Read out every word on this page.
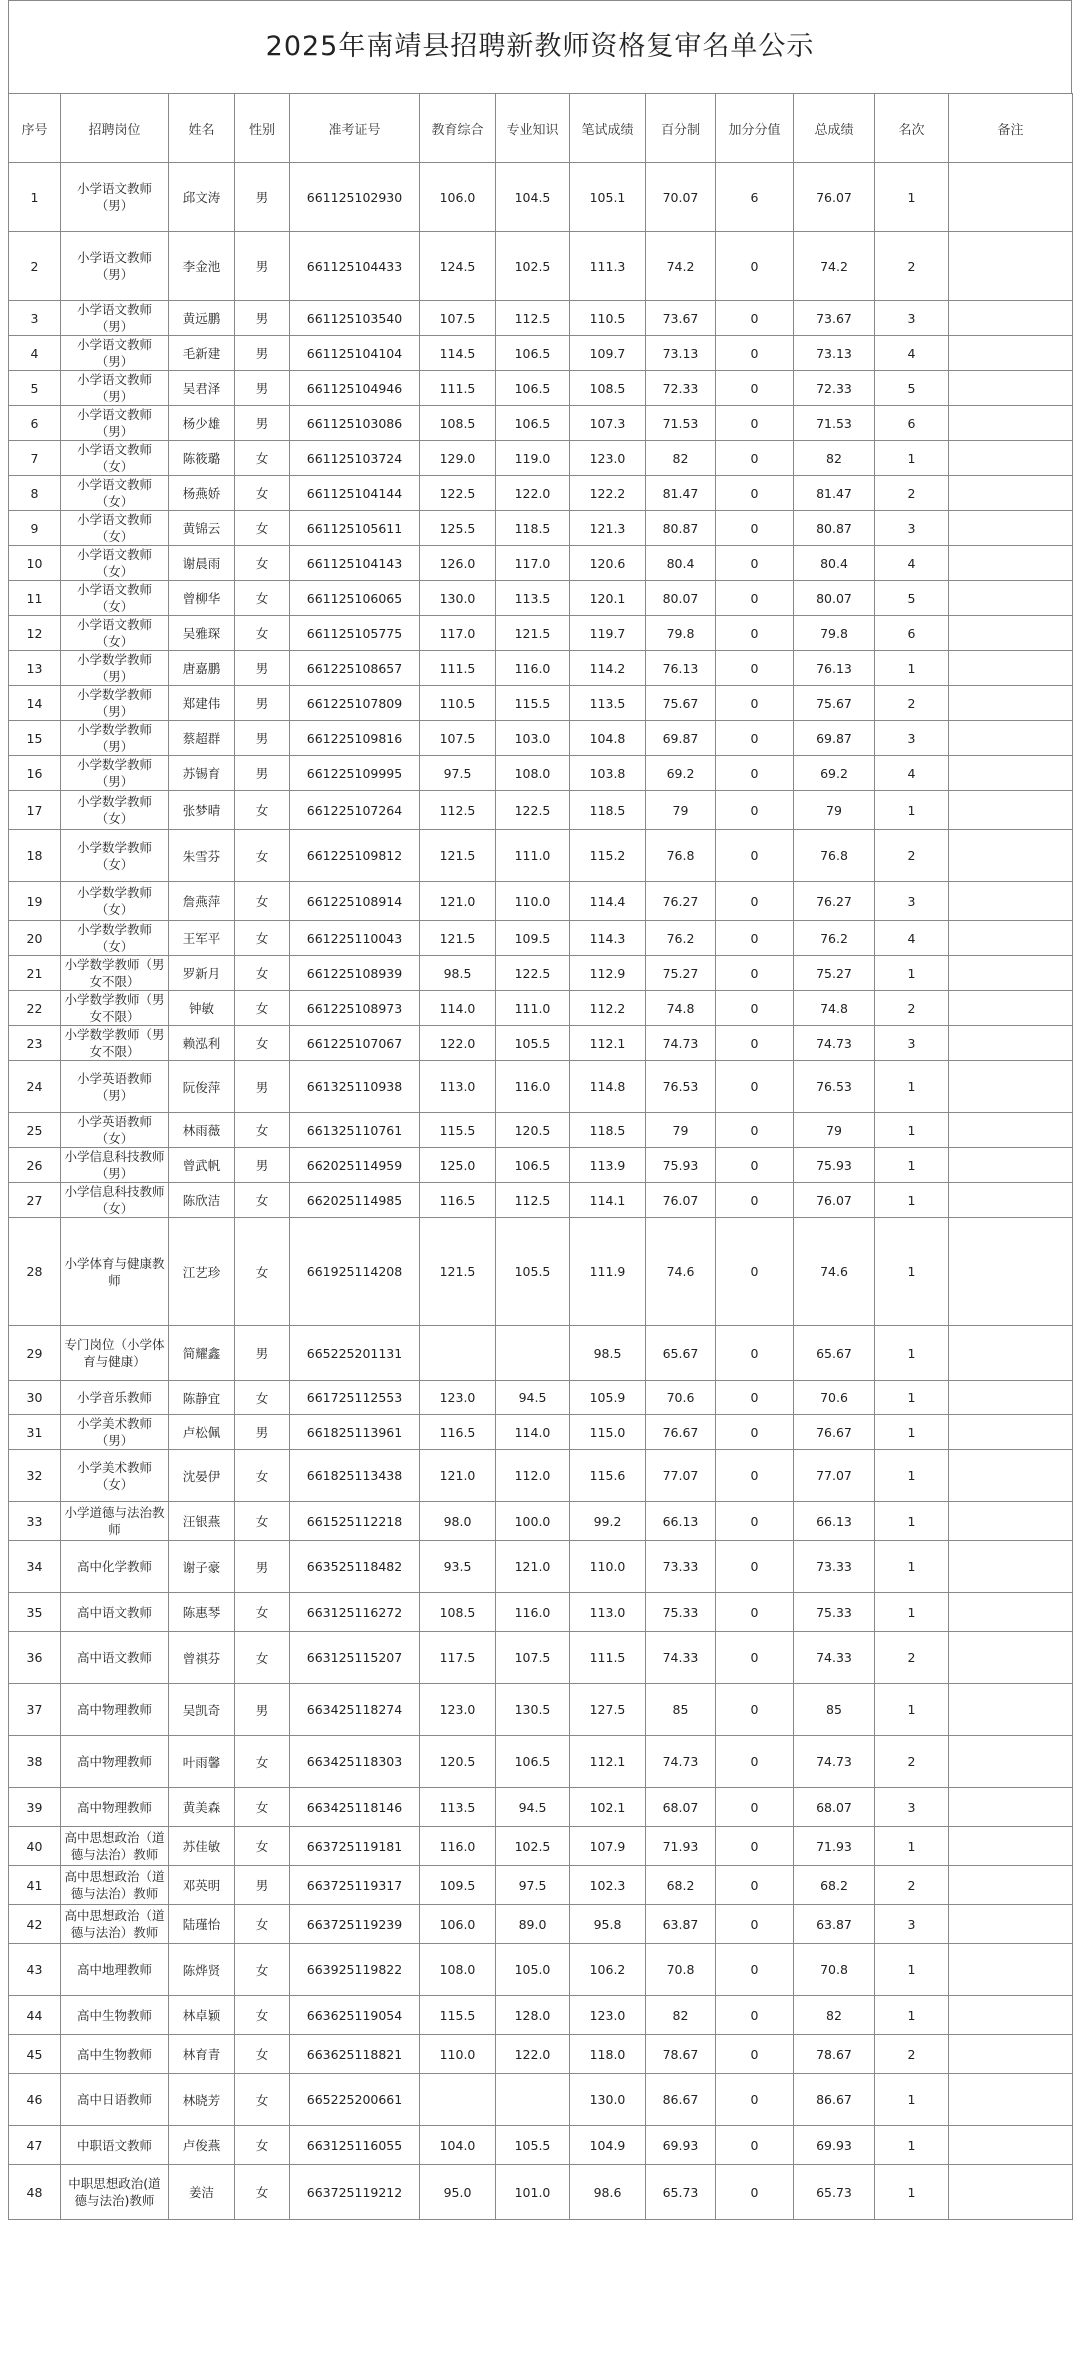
2025年南靖县招聘新教师资格复审名单公示
序号	招聘岗位	姓名	性别	准考证号	教育综合	专业知识	笔试成绩	百分制	加分分值	总成绩	名次	备注
1	小学语文教师（男）	邱文涛	男	661125102930	106.0	104.5	105.1	70.07	6	76.07	1	
2	小学语文教师（男）	李金池	男	661125104433	124.5	102.5	111.3	74.2	0	74.2	2	
3	小学语文教师（男）	黄远鹏	男	661125103540	107.5	112.5	110.5	73.67	0	73.67	3	
4	小学语文教师（男）	毛新建	男	661125104104	114.5	106.5	109.7	73.13	0	73.13	4	
5	小学语文教师（男）	吴君泽	男	661125104946	111.5	106.5	108.5	72.33	0	72.33	5	
6	小学语文教师（男）	杨少雄	男	661125103086	108.5	106.5	107.3	71.53	0	71.53	6	
7	小学语文教师（女）	陈筱璐	女	661125103724	129.0	119.0	123.0	82	0	82	1	
8	小学语文教师（女）	杨燕娇	女	661125104144	122.5	122.0	122.2	81.47	0	81.47	2	
9	小学语文教师（女）	黄锦云	女	661125105611	125.5	118.5	121.3	80.87	0	80.87	3	
10	小学语文教师（女）	谢晨雨	女	661125104143	126.0	117.0	120.6	80.4	0	80.4	4	
11	小学语文教师（女）	曾柳华	女	661125106065	130.0	113.5	120.1	80.07	0	80.07	5	
12	小学语文教师（女）	吴雅琛	女	661125105775	117.0	121.5	119.7	79.8	0	79.8	6	
13	小学数学教师（男）	唐嘉鹏	男	661225108657	111.5	116.0	114.2	76.13	0	76.13	1	
14	小学数学教师（男）	郑建伟	男	661225107809	110.5	115.5	113.5	75.67	0	75.67	2	
15	小学数学教师（男）	蔡超群	男	661225109816	107.5	103.0	104.8	69.87	0	69.87	3	
16	小学数学教师（男）	苏锡育	男	661225109995	97.5	108.0	103.8	69.2	0	69.2	4	
17	小学数学教师（女）	张梦晴	女	661225107264	112.5	122.5	118.5	79	0	79	1	
18	小学数学教师（女）	朱雪芬	女	661225109812	121.5	111.0	115.2	76.8	0	76.8	2	
19	小学数学教师（女）	詹燕萍	女	661225108914	121.0	110.0	114.4	76.27	0	76.27	3	
20	小学数学教师（女）	王军平	女	661225110043	121.5	109.5	114.3	76.2	0	76.2	4	
21	小学数学教师（男女不限）	罗新月	女	661225108939	98.5	122.5	112.9	75.27	0	75.27	1	
22	小学数学教师（男女不限）	钟敏	女	661225108973	114.0	111.0	112.2	74.8	0	74.8	2	
23	小学数学教师（男女不限）	赖泓利	女	661225107067	122.0	105.5	112.1	74.73	0	74.73	3	
24	小学英语教师（男）	阮俊萍	男	661325110938	113.0	116.0	114.8	76.53	0	76.53	1	
25	小学英语教师（女）	林雨薇	女	661325110761	115.5	120.5	118.5	79	0	79	1	
26	小学信息科技教师（男）	曾武帆	男	662025114959	125.0	106.5	113.9	75.93	0	75.93	1	
27	小学信息科技教师（女）	陈欣洁	女	662025114985	116.5	112.5	114.1	76.07	0	76.07	1	
28	小学体育与健康教师	江艺珍	女	661925114208	121.5	105.5	111.9	74.6	0	74.6	1	
29	专门岗位（小学体育与健康）	简耀鑫	男	665225201131			98.5	65.67	0	65.67	1	
30	小学音乐教师	陈静宜	女	661725112553	123.0	94.5	105.9	70.6	0	70.6	1	
31	小学美术教师（男）	卢松佩	男	661825113961	116.5	114.0	115.0	76.67	0	76.67	1	
32	小学美术教师（女）	沈晏伊	女	661825113438	121.0	112.0	115.6	77.07	0	77.07	1	
33	小学道德与法治教师	汪银燕	女	661525112218	98.0	100.0	99.2	66.13	0	66.13	1	
34	高中化学教师	谢子豪	男	663525118482	93.5	121.0	110.0	73.33	0	73.33	1	
35	高中语文教师	陈惠琴	女	663125116272	108.5	116.0	113.0	75.33	0	75.33	1	
36	高中语文教师	曾祺芬	女	663125115207	117.5	107.5	111.5	74.33	0	74.33	2	
37	高中物理教师	吴凯奇	男	663425118274	123.0	130.5	127.5	85	0	85	1	
38	高中物理教师	叶雨馨	女	663425118303	120.5	106.5	112.1	74.73	0	74.73	2	
39	高中物理教师	黄美森	女	663425118146	113.5	94.5	102.1	68.07	0	68.07	3	
40	高中思想政治（道德与法治）教师	苏佳敏	女	663725119181	116.0	102.5	107.9	71.93	0	71.93	1	
41	高中思想政治（道德与法治）教师	邓英明	男	663725119317	109.5	97.5	102.3	68.2	0	68.2	2	
42	高中思想政治（道德与法治）教师	陆瑾怡	女	663725119239	106.0	89.0	95.8	63.87	0	63.87	3	
43	高中地理教师	陈烨贤	女	663925119822	108.0	105.0	106.2	70.8	0	70.8	1	
44	高中生物教师	林卓颖	女	663625119054	115.5	128.0	123.0	82	0	82	1	
45	高中生物教师	林育青	女	663625118821	110.0	122.0	118.0	78.67	0	78.67	2	
46	高中日语教师	林晓芳	女	665225200661			130.0	86.67	0	86.67	1	
47	中职语文教师	卢俊燕	女	663125116055	104.0	105.5	104.9	69.93	0	69.93	1	
48	中职思想政治(道德与法治)教师	姜洁	女	663725119212	95.0	101.0	98.6	65.73	0	65.73	1	
